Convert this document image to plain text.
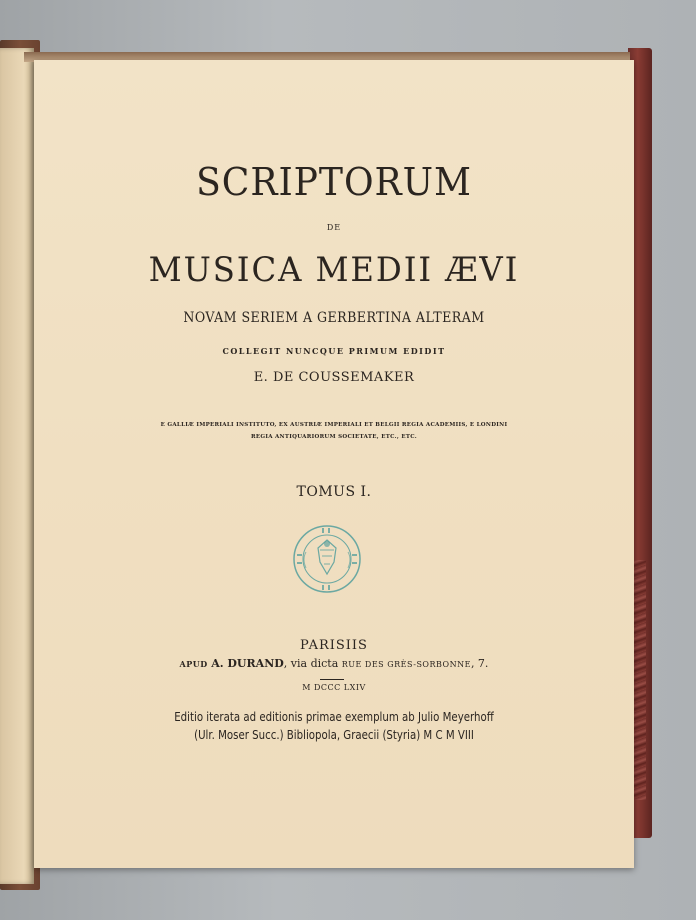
SCRIPTORUM
DE
MUSICA MEDII ÆVI
NOVAM SERIEM A GERBERTINA ALTERAM
COLLEGIT NUNCQUE PRIMUM EDIDIT
E. DE COUSSEMAKER
E GALLIÆ IMPERIALI INSTITUTO, EX AUSTRIÆ IMPERIALI ET BELGII REGIA ACADEMIIS, E LONDINI
REGIA ANTIQUARIORUM SOCIETATE, ETC., ETC.
TOMUS I.
PARISIIS
APUD A. DURAND, via dicta RUE DES GRÈS-SORBONNE, 7.
M DCCC LXIV
Editio iterata ad editionis primae exemplum ab Julio Meyerhoff
(Ulr. Moser Succ.) Bibliopola, Graecii (Styria) M C M VIII
